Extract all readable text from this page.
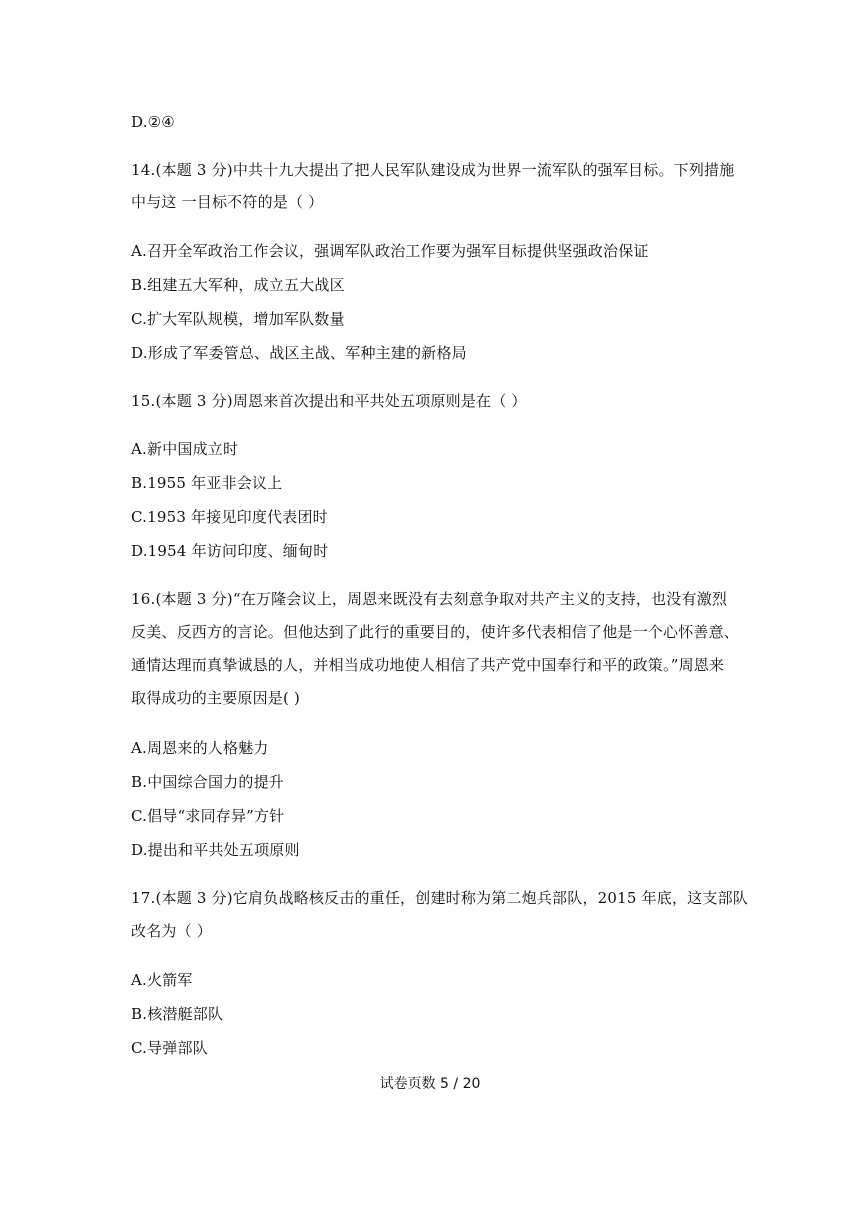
D.②④
14.(本题 3 分)中共十九大提出了把人民军队建设成为世界一流军队的强军目标。下列措施
中与这 一目标不符的是（ ）
A.召开全军政治工作会议，强调军队政治工作要为强军目标提供坚强政治保证
B.组建五大军种，成立五大战区
C.扩大军队规模，增加军队数量
D.形成了军委管总、战区主战、军种主建的新格局
15.(本题 3 分)周恩来首次提出和平共处五项原则是在（ ）
A.新中国成立时
B.1955 年亚非会议上
C.1953 年接见印度代表团时
D.1954 年访问印度、缅甸时
16.(本题 3 分)“在万隆会议上，周恩来既没有去刻意争取对共产主义的支持，也没有激烈
反美、反西方的言论。但他达到了此行的重要目的，使许多代表相信了他是一个心怀善意、
通情达理而真挚诚恳的人，并相当成功地使人相信了共产党中国奉行和平的政策。”周恩来
取得成功的主要原因是( )
A.周恩来的人格魅力
B.中国综合国力的提升
C.倡导“求同存异”方针
D.提出和平共处五项原则
17.(本题 3 分)它肩负战略核反击的重任，创建时称为第二炮兵部队，2015 年底，这支部队
改名为（ ）
A.火箭军
B.核潜艇部队
C.导弹部队
试卷页数 5 / 20
